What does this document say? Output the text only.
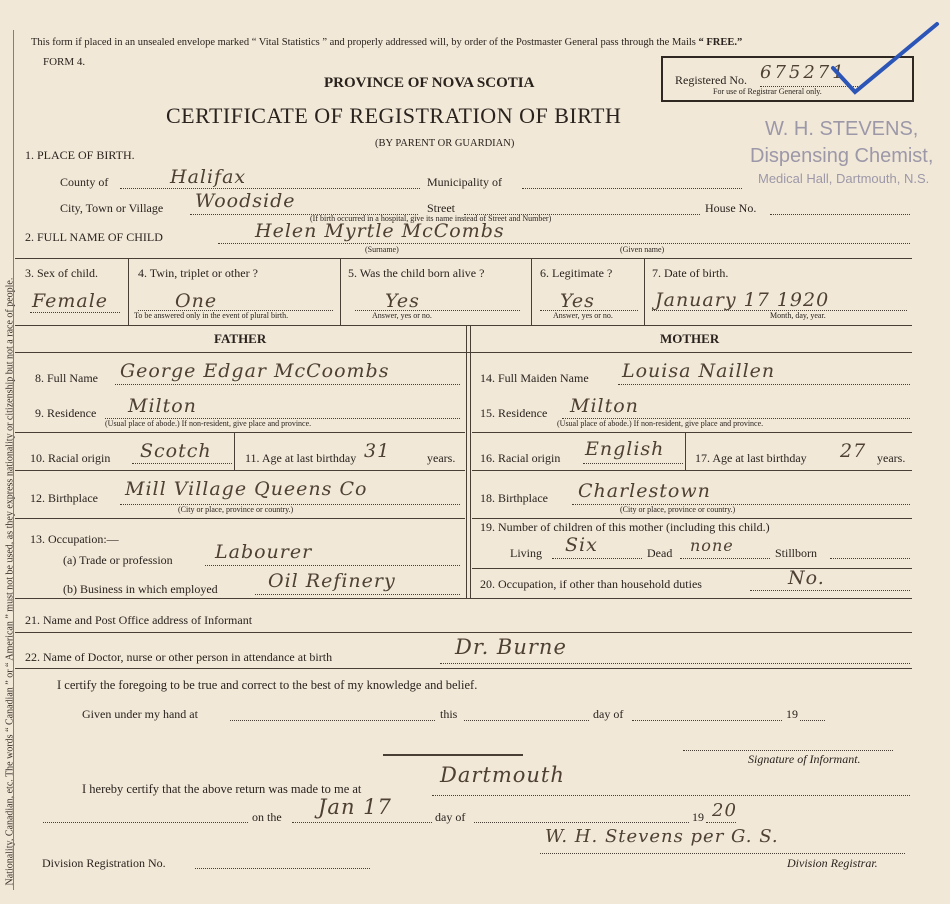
Nationality, Canadian, etc. The words “ Canadian ” or “ American ” must not be used, as they express nationality or citizenship but not a race of people.
This form if placed in an unsealed envelope marked “ Vital Statistics ” and properly addressed will, by order of the Postmaster General pass through the Mails “ FREE.”
FORM 4.
PROVINCE OF NOVA SCOTIA
CERTIFICATE OF REGISTRATION OF BIRTH
(BY PARENT OR GUARDIAN)
Registered No. 675271
For use of Registrar General only.
W. H. STEVENS,
Dispensing Chemist,
Medical Hall, Dartmouth, N.S.
1. PLACE OF BIRTH.
County of	Halifax	Municipality of
City, Town or Village Woodside	Street	House No.
(If birth occurred in a hospital, give its name instead of Street and Number)
2. FULL NAME OF CHILD	Helen Myrtle McCombs
(Surname)	(Given name)
3. Sex of child.
Female
4. Twin, triplet or other ?
One
To be answered only in the event of plural birth.
5. Was the child born alive ?
Yes
Answer, yes or no.
6. Legitimate ?
Yes
Answer, yes or no.
7. Date of birth.
January 17 1920
Month, day, year.
FATHER	MOTHER
8. Full Name George Edgar McCoombs
9. Residence Milton
(Usual place of abode.) If non-resident, give place and province.
10. Racial origin Scotch	11. Age at last birthday 31	years.
12. Birthplace Mill Village Queens Co
(City or place, province or country.)
13. Occupation:—
(a) Trade or profession Labourer
(b) Business in which employed	Oil Refinery
14. Full Maiden Name Louisa Naillen
15. Residence Milton
(Usual place of abode.) If non-resident, give place and province.
16. Racial origin English	17. Age at last birthday 27 years.
18. Birthplace Charlestown
(City or place, province or country.)
19. Number of children of this mother (including this child.)
Living Six	Dead none	Stillborn
20. Occupation, if other than household duties	No.
21. Name and Post Office address of Informant
22. Name of Doctor, nurse or other person in attendance at birth	Dr. Burne
I certify the foregoing to be true and correct to the best of my knowledge and belief.
Given under my hand at	this	day of	19
Signature of Informant.
I hereby certify that the above return was made to me at
Dartmouth
on the Jan 17	day of	19 20
Division Registration No.
W. H. Stevens per G. S.
Division Registrar.
